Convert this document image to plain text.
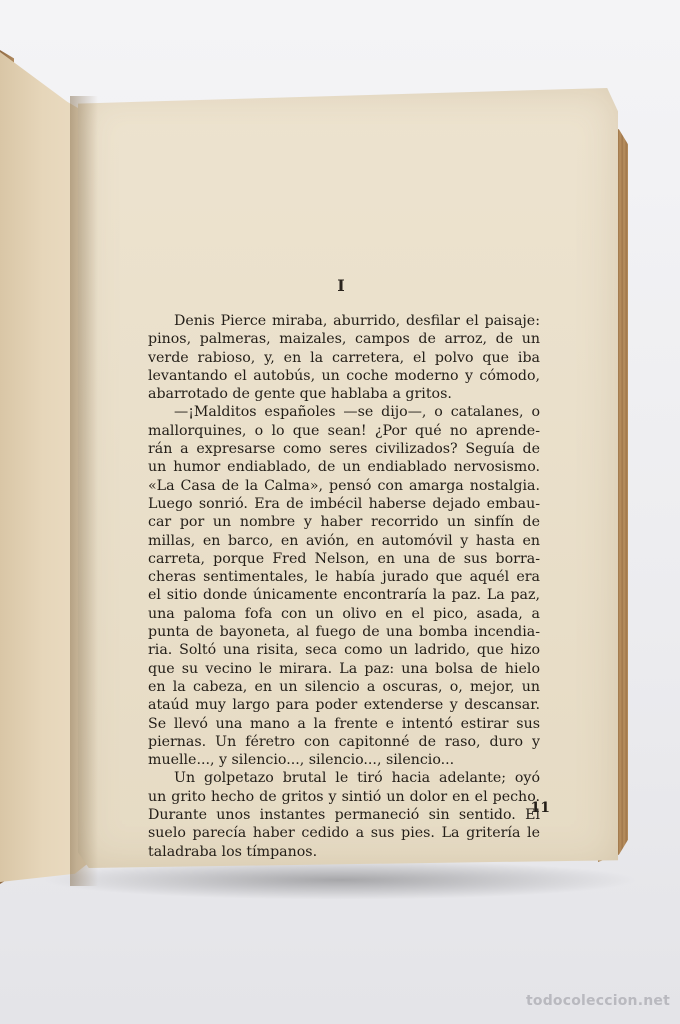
I

Denis Pierce miraba, aburrido, desfilar el paisaje:

pinos, palmeras, maizales, campos de arroz, de un

verde rabioso, y, en la carretera, el polvo que iba

levantando el autobús, un coche moderno y cómodo,

abarrotado de gente que hablaba a gritos.

—¡Malditos españoles —se dijo—, o catalanes, o

mallorquines, o lo que sean! ¿Por qué no aprende-

rán a expresarse como seres civilizados? Seguía de

un humor endiablado, de un endiablado nervosismo.

«La Casa de la Calma», pensó con amarga nostalgia.

Luego sonrió. Era de imbécil haberse dejado embau-

car por un nombre y haber recorrido un sinfín de

millas, en barco, en avión, en automóvil y hasta en

carreta, porque Fred Nelson, en una de sus borra-

cheras sentimentales, le había jurado que aquél era

el sitio donde únicamente encontraría la paz. La paz,

una paloma fofa con un olivo en el pico, asada, a

punta de bayoneta, al fuego de una bomba incendia-

ria. Soltó una risita, seca como un ladrido, que hizo

que su vecino le mirara. La paz: una bolsa de hielo

en la cabeza, en un silencio a oscuras, o, mejor, un

ataúd muy largo para poder extenderse y descansar.

Se llevó una mano a la frente e intentó estirar sus

piernas. Un féretro con capitonné de raso, duro y

muelle..., y silencio..., silencio..., silencio...

Un golpetazo brutal le tiró hacia adelante; oyó

un grito hecho de gritos y sintió un dolor en el pecho.

Durante unos instantes permaneció sin sentido. El

suelo parecía haber cedido a sus pies. La gritería le

taladraba los tímpanos.

11
todocoleccion.net
